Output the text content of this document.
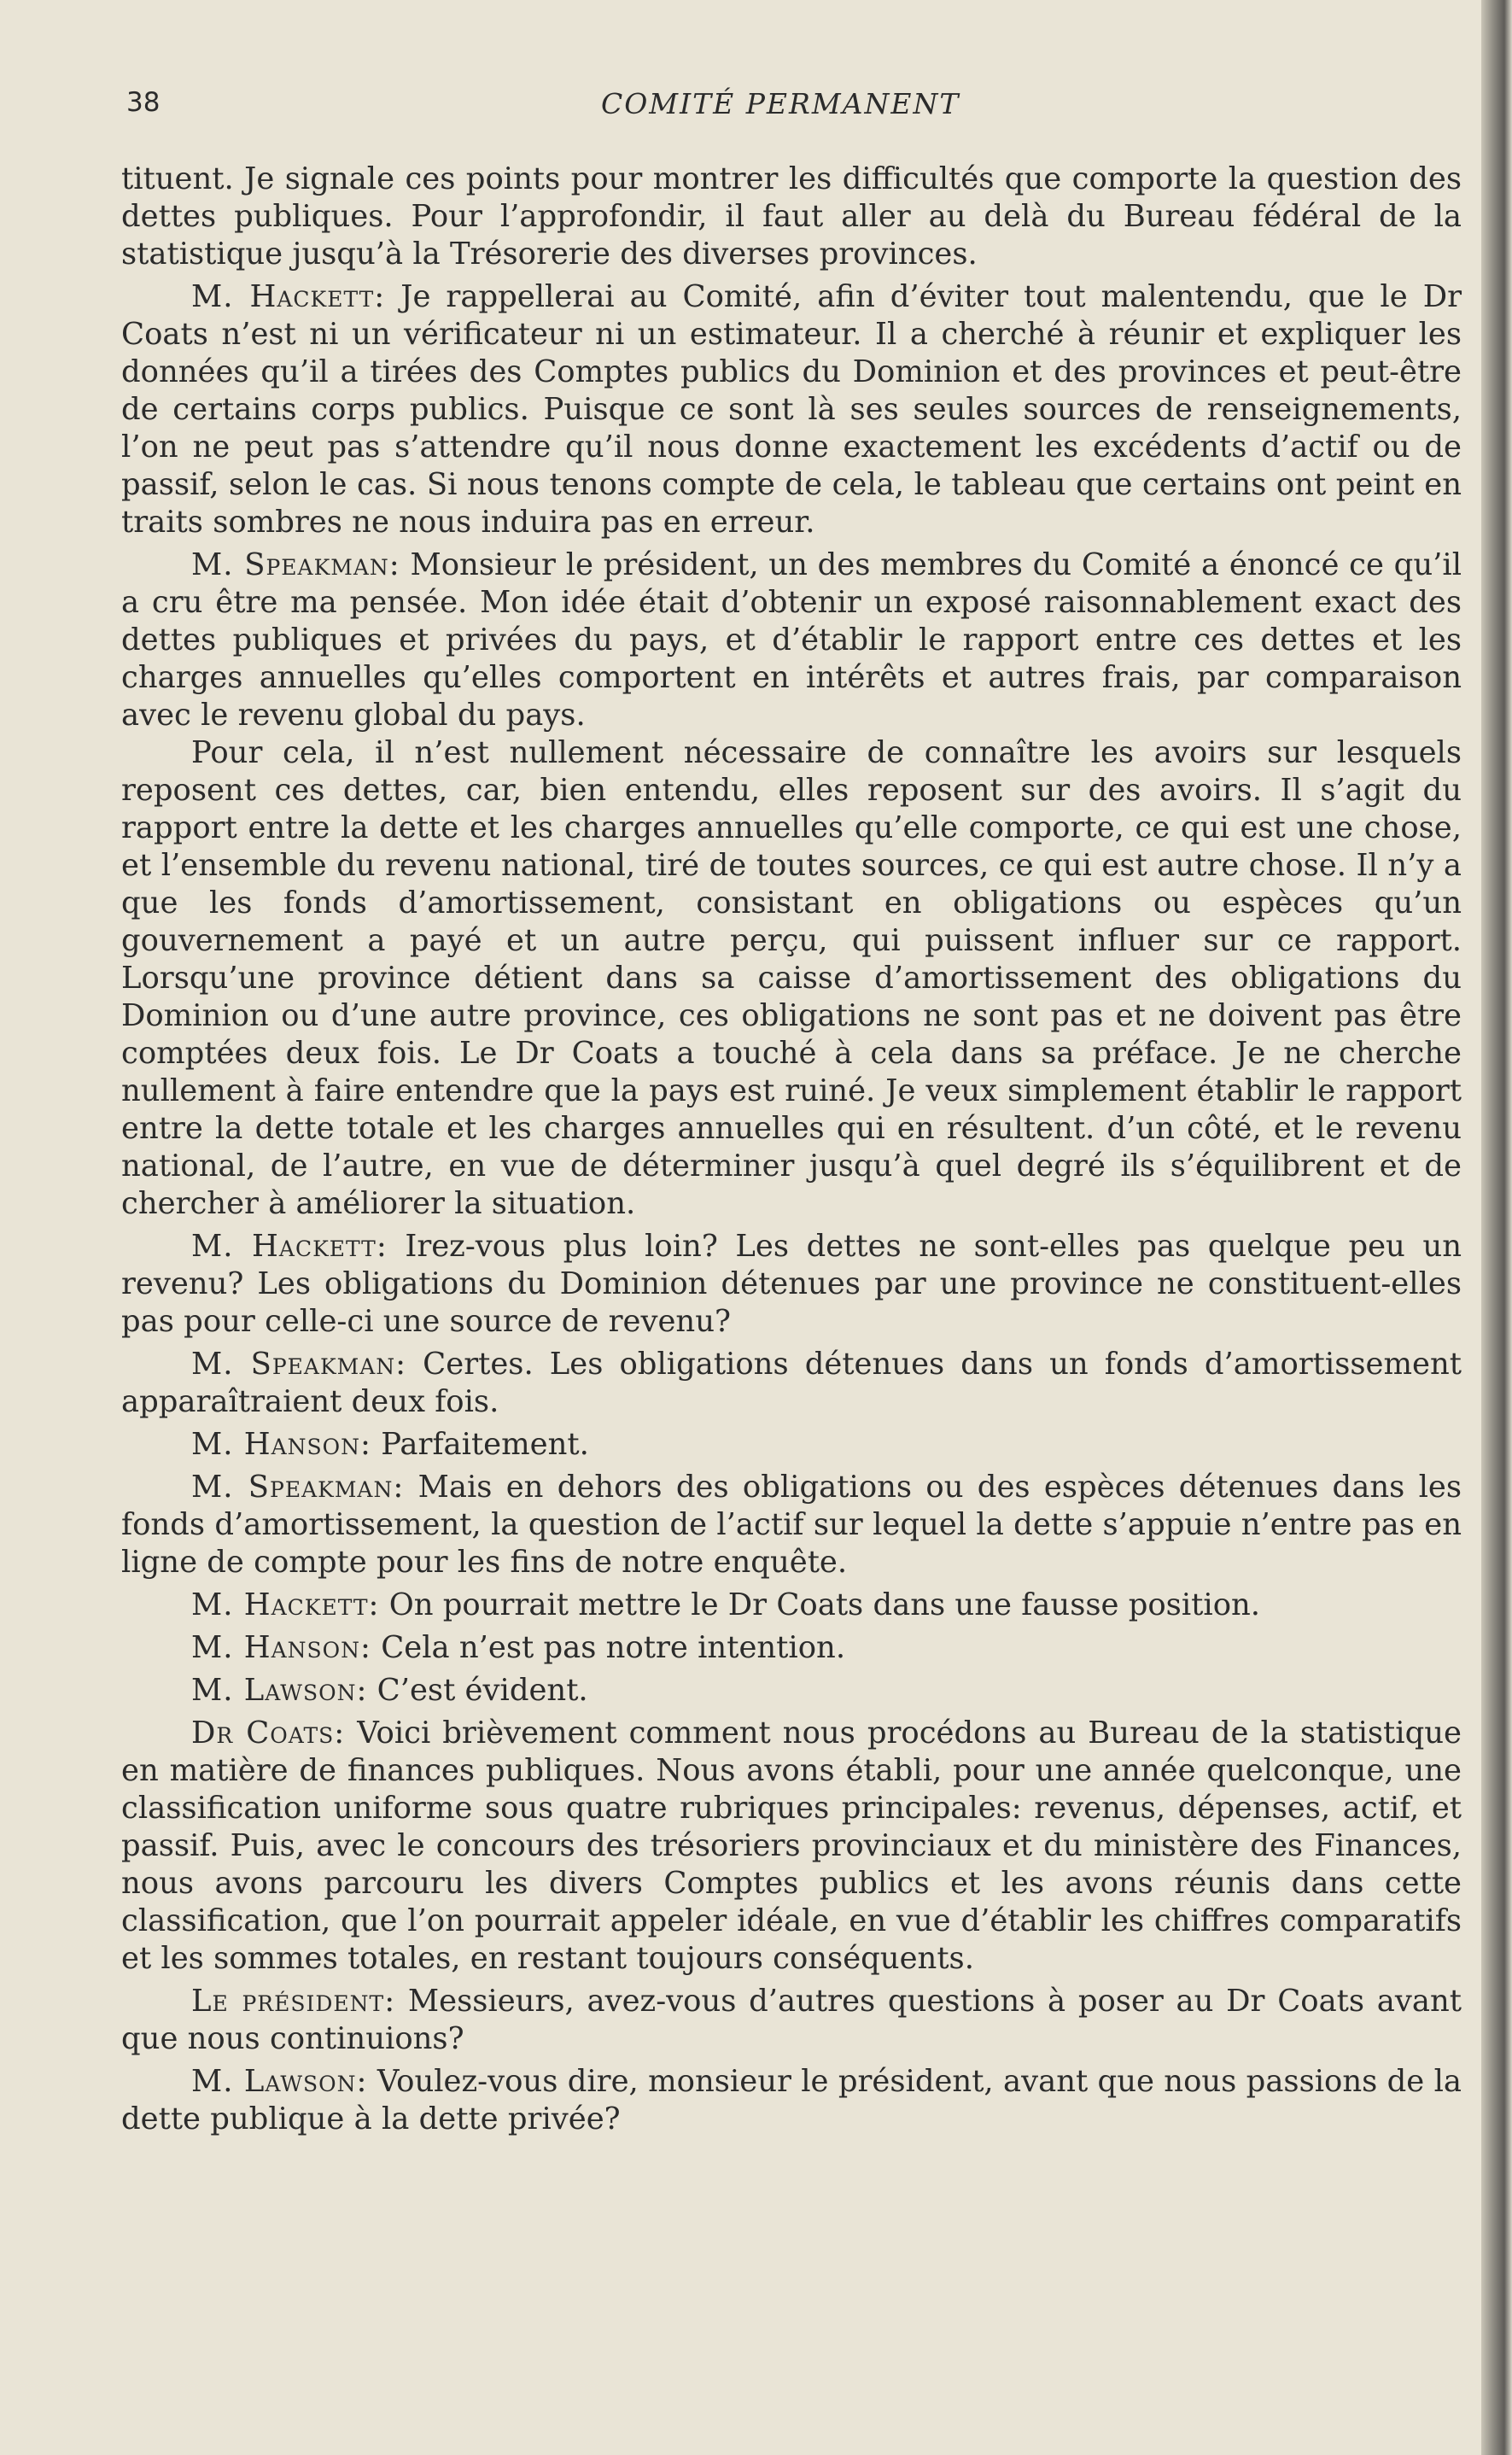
38	COMITÉ PERMANENT

tituent. Je signale ces points pour montrer les difficultés que comporte la question des dettes publiques. Pour l’approfondir, il faut aller au delà du Bureau fédéral de la statistique jusqu’à la Trésorerie des diverses provinces.

M. Hackett: Je rappellerai au Comité, afin d’éviter tout malentendu, que le Dr Coats n’est ni un vérificateur ni un estimateur. Il a cherché à réunir et expliquer les données qu’il a tirées des Comptes publics du Dominion et des provinces et peut-être de certains corps publics. Puisque ce sont là ses seules sources de renseignements, l’on ne peut pas s’attendre qu’il nous donne exactement les excédents d’actif ou de passif, selon le cas. Si nous tenons compte de cela, le tableau que certains ont peint en traits sombres ne nous induira pas en erreur.

M. Speakman: Monsieur le président, un des membres du Comité a énoncé ce qu’il a cru être ma pensée. Mon idée était d’obtenir un exposé raisonnablement exact des dettes publiques et privées du pays, et d’établir le rapport entre ces dettes et les charges annuelles qu’elles comportent en intérêts et autres frais, par comparaison avec le revenu global du pays.

Pour cela, il n’est nullement nécessaire de connaître les avoirs sur lesquels reposent ces dettes, car, bien entendu, elles reposent sur des avoirs. Il s’agit du rapport entre la dette et les charges annuelles qu’elle comporte, ce qui est une chose, et l’ensemble du revenu national, tiré de toutes sources, ce qui est autre chose. Il n’y a que les fonds d’amortissement, consistant en obligations ou espèces qu’un gouvernement a payé et un autre perçu, qui puissent influer sur ce rapport. Lorsqu’une province détient dans sa caisse d’amortissement des obligations du Dominion ou d’une autre province, ces obligations ne sont pas et ne doivent pas être comptées deux fois. Le Dr Coats a touché à cela dans sa préface. Je ne cherche nullement à faire entendre que la pays est ruiné. Je veux simplement établir le rapport entre la dette totale et les charges annuelles qui en résultent. d’un côté, et le revenu national, de l’autre, en vue de déterminer jusqu’à quel degré ils s’équilibrent et de chercher à améliorer la situation.

M. Hackett: Irez-vous plus loin? Les dettes ne sont-elles pas quelque peu un revenu? Les obligations du Dominion détenues par une province ne constituent-elles pas pour celle-ci une source de revenu?

M. Speakman: Certes. Les obligations détenues dans un fonds d’amortissement apparaîtraient deux fois.

M. Hanson: Parfaitement.

M. Speakman: Mais en dehors des obligations ou des espèces détenues dans les fonds d’amortissement, la question de l’actif sur lequel la dette s’appuie n’entre pas en ligne de compte pour les fins de notre enquête.

M. Hackett: On pourrait mettre le Dr Coats dans une fausse position.

M. Hanson: Cela n’est pas notre intention.

M. Lawson: C’est évident.

Dr Coats: Voici brièvement comment nous procédons au Bureau de la statistique en matière de finances publiques. Nous avons établi, pour une année quelconque, une classification uniforme sous quatre rubriques principales: revenus, dépenses, actif, et passif. Puis, avec le concours des trésoriers provinciaux et du ministère des Finances, nous avons parcouru les divers Comptes publics et les avons réunis dans cette classification, que l’on pourrait appeler idéale, en vue d’établir les chiffres comparatifs et les sommes totales, en restant toujours conséquents.

Le président: Messieurs, avez-vous d’autres questions à poser au Dr Coats avant que nous continuions?

M. Lawson: Voulez-vous dire, monsieur le président, avant que nous passions de la dette publique à la dette privée?
